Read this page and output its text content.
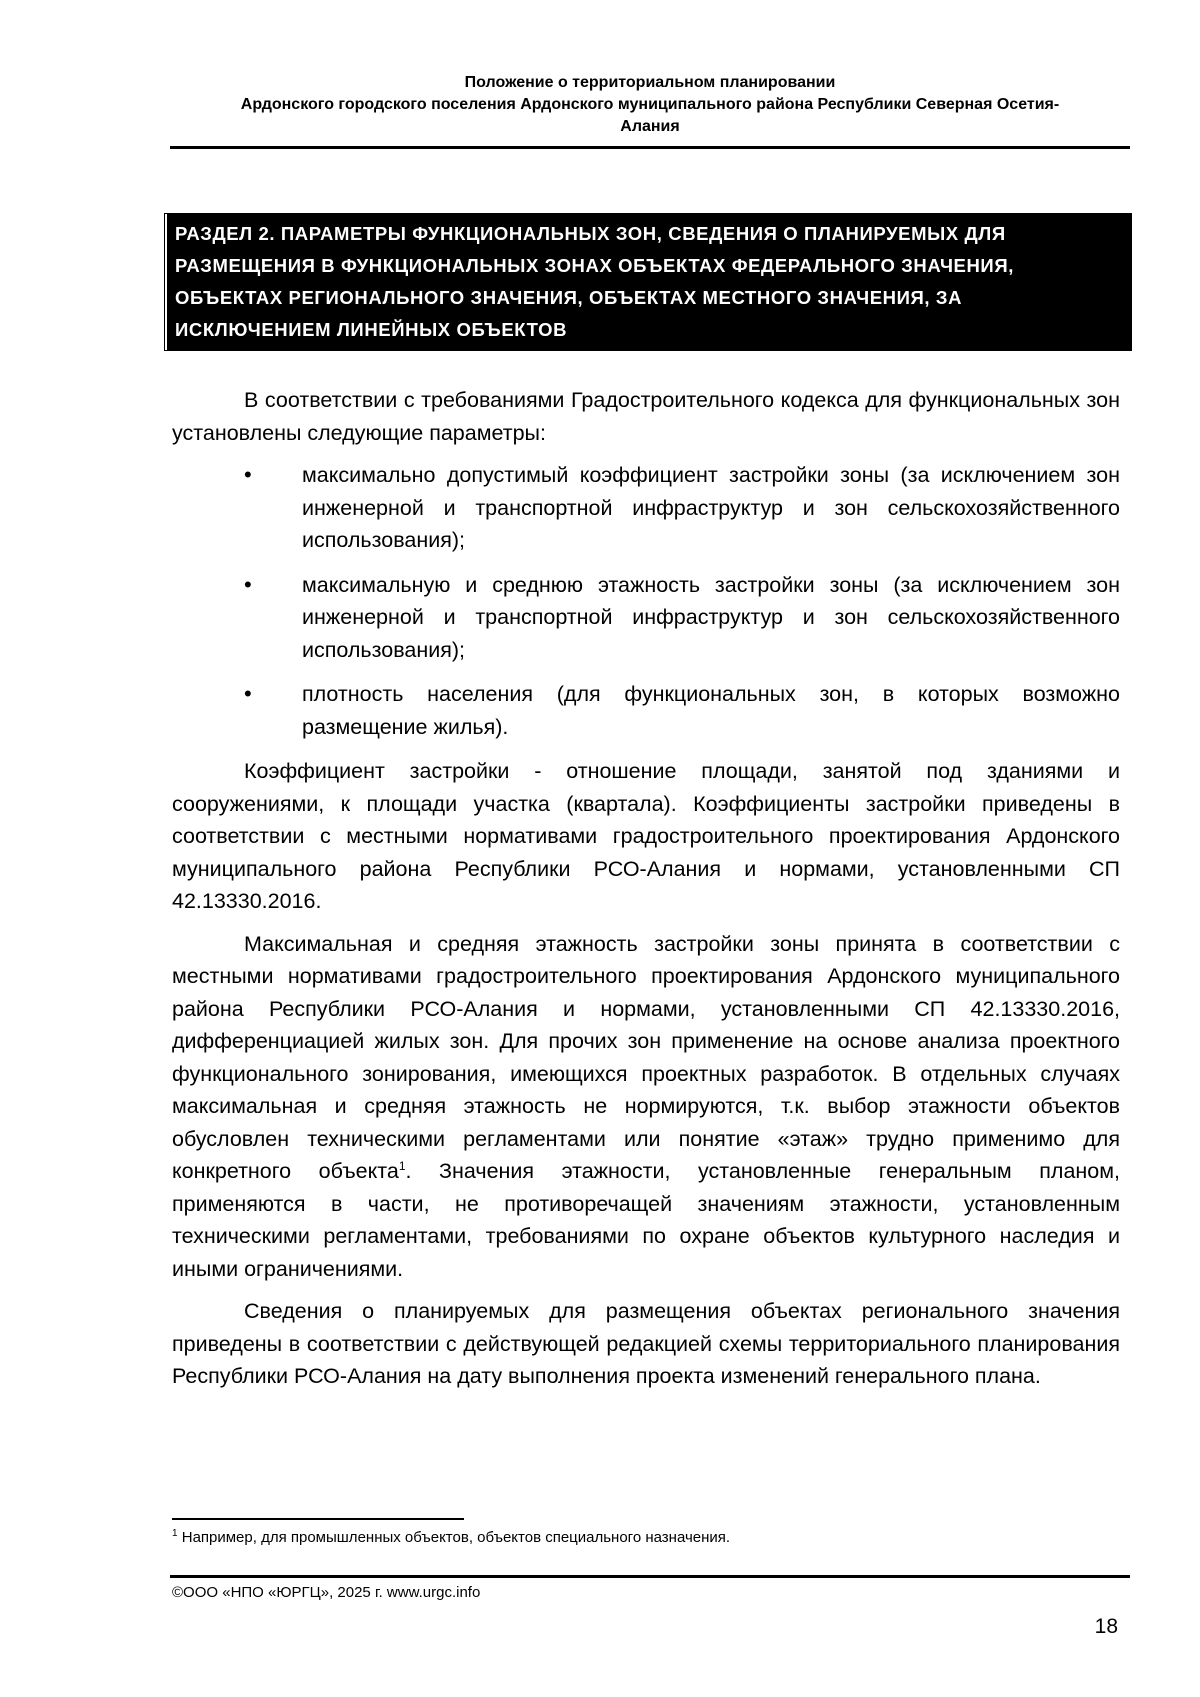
Положение о территориальном планировании
Ардонского городского поселения Ардонского муниципального района Республики Северная Осетия-
Алания
РАЗДЕЛ 2. ПАРАМЕТРЫ ФУНКЦИОНАЛЬНЫХ ЗОН, СВЕДЕНИЯ О ПЛАНИРУЕМЫХ ДЛЯ
РАЗМЕЩЕНИЯ В ФУНКЦИОНАЛЬНЫХ ЗОНАХ ОБЪЕКТАХ ФЕДЕРАЛЬНОГО ЗНАЧЕНИЯ,
ОБЪЕКТАХ РЕГИОНАЛЬНОГО ЗНАЧЕНИЯ, ОБЪЕКТАХ МЕСТНОГО ЗНАЧЕНИЯ, ЗА
ИСКЛЮЧЕНИЕМ ЛИНЕЙНЫХ ОБЪЕКТОВ

В соответствии с требованиями Градостроительного кодекса для функциональных зон установлены следующие параметры:

• максимально допустимый коэффициент застройки зоны (за исключением зон инженерной и транспортной инфраструктур и зон сельскохозяйственного использования);
• максимальную и среднюю этажность застройки зоны (за исключением зон инженерной и транспортной инфраструктур и зон сельскохозяйственного использования);
• плотность населения (для функциональных зон, в которых возможно размещение жилья).

Коэффициент застройки - отношение площади, занятой под зданиями и сооружениями, к площади участка (квартала). Коэффициенты застройки приведены в соответствии с местными нормативами градостроительного проектирования Ардонского муниципального района Республики РСО-Алания и нормами, установленными СП 42.13330.2016.

Максимальная и средняя этажность застройки зоны принята в соответствии с местными нормативами градостроительного проектирования Ардонского муниципального района Республики РСО-Алания и нормами, установленными СП 42.13330.2016, дифференциацией жилых зон. Для прочих зон применение на основе анализа проектного функционального зонирования, имеющихся проектных разработок. В отдельных случаях максимальная и средняя этажность не нормируются, т.к. выбор этажности объектов обусловлен техническими регламентами или понятие «этаж» трудно применимо для конкретного объекта$^1$. Значения этажности, установленные генеральным планом, применяются в части, не противоречащей значениям этажности, установленным техническими регламентами, требованиями по охране объектов культурного наследия и иными ограничениями.

Сведения о планируемых для размещения объектах регионального значения приведены в соответствии с действующей редакцией схемы территориального планирования Республики РСО-Алания на дату выполнения проекта изменений генерального плана.

$^1$ Например, для промышленных объектов, объектов специального назначения.
©ООО «НПО «ЮРГЦ», 2025 г. www.urgc.info
18
